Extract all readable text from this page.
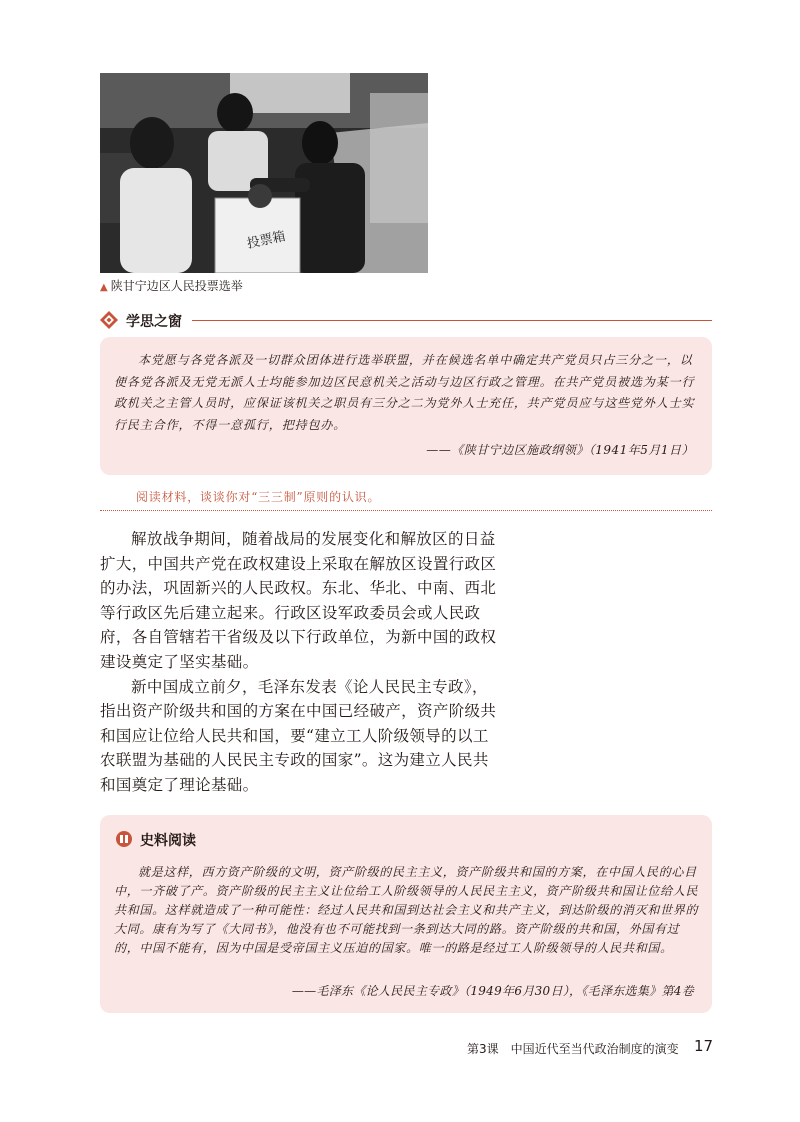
投票箱
▲ 陕甘宁边区人民投票选举
学思之窗

本党愿与各党各派及一切群众团体进行选举联盟，并在候选名单中确定共产党员只占三分之一，以便各党各派及无党无派人士均能参加边区民意机关之活动与边区行政之管理。在共产党员被选为某一行政机关之主管人员时，应保证该机关之职员有三分之二为党外人士充任，共产党员应与这些党外人士实行民主合作，不得一意孤行，把持包办。

——《陕甘宁边区施政纲领》（1941年5月1日）
阅读材料，谈谈你对“三三制”原则的认识。

解放战争期间，随着战局的发展变化和解放区的日益扩大，中国共产党在政权建设上采取在解放区设置行政区的办法，巩固新兴的人民政权。东北、华北、中南、西北等行政区先后建立起来。行政区设军政委员会或人民政府，各自管辖若干省级及以下行政单位，为新中国的政权建设奠定了坚实基础。

新中国成立前夕，毛泽东发表《论人民民主专政》，指出资产阶级共和国的方案在中国已经破产，资产阶级共和国应让位给人民共和国，要“建立工人阶级领导的以工农联盟为基础的人民民主专政的国家”。这为建立人民共和国奠定了理论基础。

史料阅读

就是这样，西方资产阶级的文明，资产阶级的民主主义，资产阶级共和国的方案，在中国人民的心目中，一齐破了产。资产阶级的民主主义让位给工人阶级领导的人民民主主义，资产阶级共和国让位给人民共和国。这样就造成了一种可能性：经过人民共和国到达社会主义和共产主义，到达阶级的消灭和世界的大同。康有为写了《大同书》，他没有也不可能找到一条到达大同的路。资产阶级的共和国，外国有过的，中国不能有，因为中国是受帝国主义压迫的国家。唯一的路是经过工人阶级领导的人民共和国。

——毛泽东《论人民民主专政》（1949年6月30日），《毛泽东选集》第4卷
第3课　中国近代至当代政治制度的演变 17
